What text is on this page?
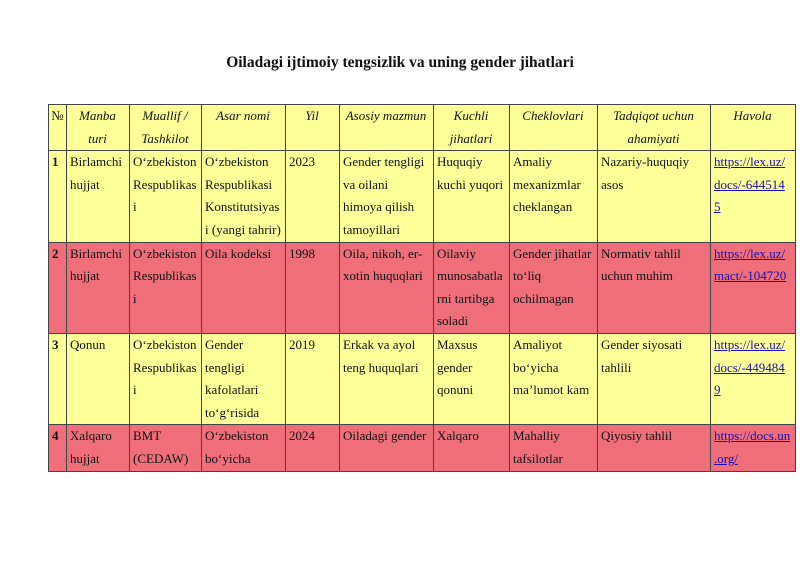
Oiladagi ijtimoiy tengsizlik va uning gender jihatlari
№	Manba turi	Muallif / Tashkilot	Asar nomi	Yil	Asosiy mazmun	Kuchli jihatlari	Cheklovlari	Tadqiqot uchun ahamiyati	Havola
1	Birlamchi hujjat	O‘zbekiston Respublikasi	O‘zbekiston Respublikasi Konstitutsiyasi (yangi tahrir)	2023	Gender tengligi va oilani himoya qilish tamoyillari	Huquqiy kuchi yuqori	Amaliy mexanizmlar cheklangan	Nazariy-huquqiy asos	https://lex.uz/docs/-6445145
2	Birlamchi hujjat	O‘zbekiston Respublikasi	Oila kodeksi	1998	Oila, nikoh, er-xotin huquqlari	Oilaviy munosabatlarni tartibga soladi	Gender jihatlar to‘liq ochilmagan	Normativ tahlil uchun muhim	https://lex.uz/mact/-104720
3	Qonun	O‘zbekiston Respublikasi	Gender tengligi kafolatlari to‘g‘risida	2019	Erkak va ayol teng huquqlari	Maxsus gender qonuni	Amaliyot bo‘yicha ma’lumot kam	Gender siyosati tahlili	https://lex.uz/docs/-4494849
4	Xalqaro hujjat	BMT (CEDAW)	O‘zbekiston bo‘yicha	2024	Oiladagi gender	Xalqaro	Mahalliy tafsilotlar	Qiyosiy tahlil	https://docs.un.org/
